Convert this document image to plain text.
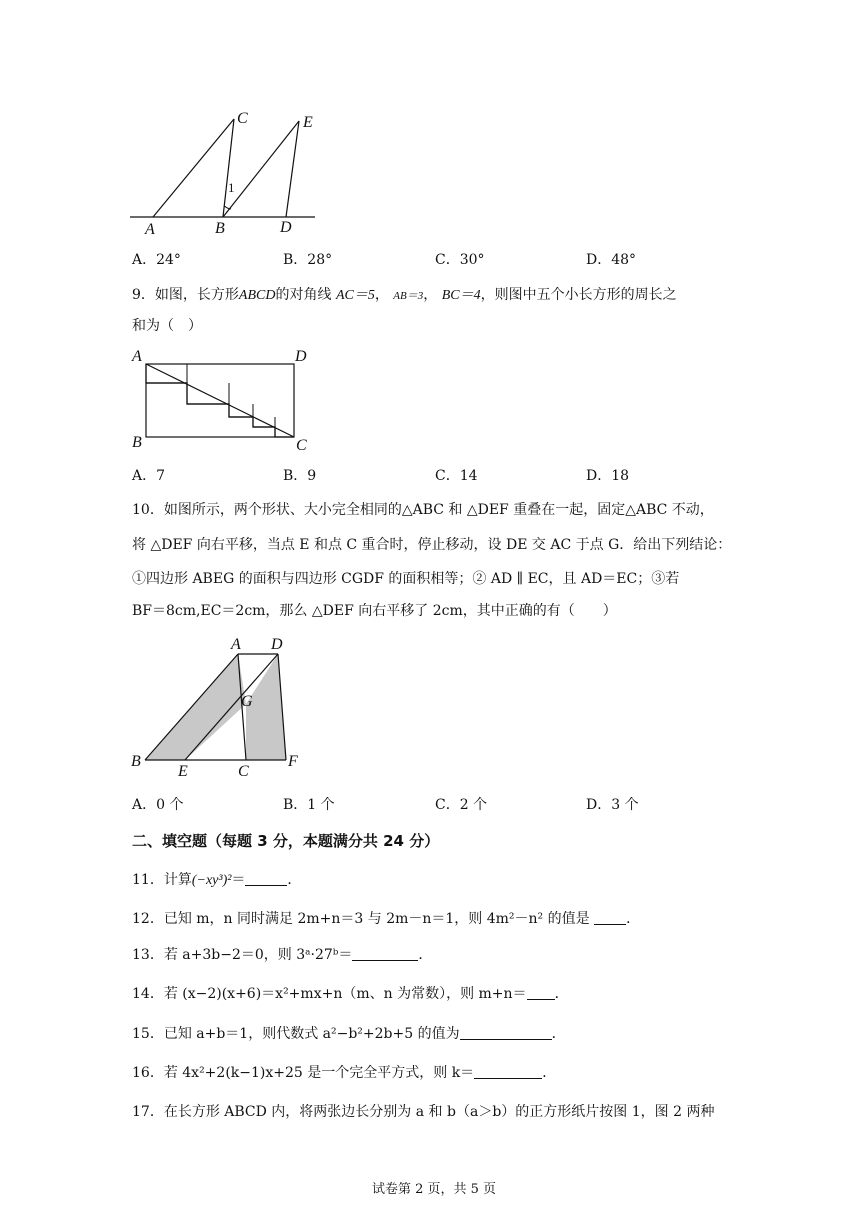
A	B
C
D
E
1
A．24°	B．28°	C．30°	D．48°
9．如图，长方形ABCD的对角线 AC＝5， AB＝3， BC＝4，则图中五个小长方形的周长之
和为（　）
A
B	C
D
A．7	B．9	C．14	D．18
10．如图所示，两个形状、大小完全相同的△ABC 和 △DEF 重叠在一起，固定△ABC 不动，
将 △DEF 向右平移，当点 E 和点 C 重合时，停止移动，设 DE 交 AC 于点 G．给出下列结论：
①四边形 ABEG 的面积与四边形 CGDF 的面积相等；② AD ∥ EC，且 AD＝EC；③若
BF＝8cm,EC＝2cm，那么 △DEF 向右平移了 2cm，其中正确的有（　　）
A
B
C
D
E
F
G
A．0 个	B．1 个	C．2 个	D．3 个
二、填空题（每题 3 分，本题满分共 24 分）
11．计算(−xy³)²＝	．
12．已知 m，n 同时满足 2m+n＝3 与 2m－n＝1，则 4m²－n² 的值是	．
13．若 a+3b−2＝0，则 3ᵃ·27ᵇ＝	．
14．若 (x−2)(x+6)＝x²+mx+n（m、n 为常数），则 m+n＝ ．
15．已知 a+b＝1，则代数式 a²−b²+2b+5 的值为	．
16．若 4x²+2(k−1)x+25 是一个完全平方式，则 k＝	．
17．在长方形 ABCD 内，将两张边长分别为 a 和 b（a＞b）的正方形纸片按图 1，图 2 两种
试卷第 2 页，共 5 页
